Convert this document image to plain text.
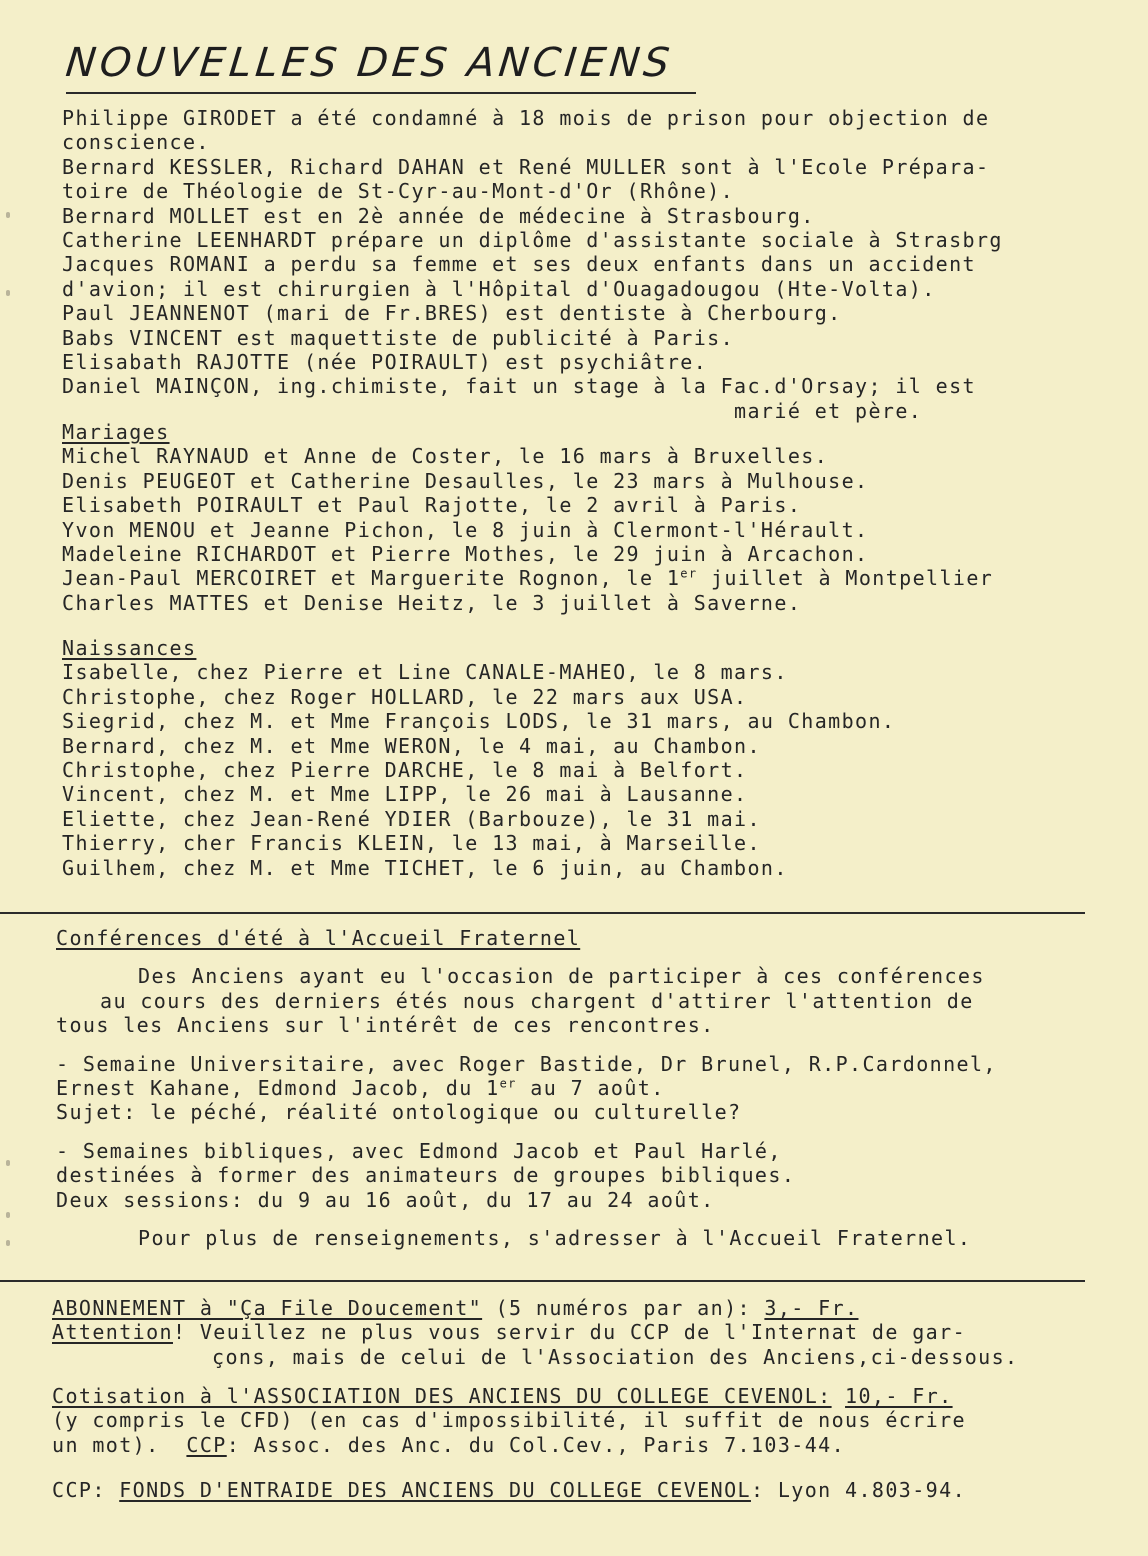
NOUVELLES DES ANCIENS
Philippe GIRODET a été condamné à 18 mois de prison pour objection de
conscience.
Bernard KESSLER, Richard DAHAN et René MULLER sont à l'Ecole Prépara-
toire de Théologie de St-Cyr-au-Mont-d'Or (Rhône).
Bernard MOLLET est en 2è année de médecine à Strasbourg.
Catherine LEENHARDT prépare un diplôme d'assistante sociale à Strasbrg
Jacques ROMANI a perdu sa femme et ses deux enfants dans un accident
d'avion; il est chirurgien à l'Hôpital d'Ouagadougou (Hte-Volta).
Paul JEANNENOT (mari de Fr.BRES) est dentiste à Cherbourg.
Babs VINCENT est maquettiste de publicité à Paris.
Elisabath RAJOTTE (née POIRAULT) est psychiâtre.
Daniel MAINÇON, ing.chimiste, fait un stage à la Fac.d'Orsay; il est
marié et père.
Mariages
Michel RAYNAUD et Anne de Coster, le 16 mars à Bruxelles.
Denis PEUGEOT et Catherine Desaulles, le 23 mars à Mulhouse.
Elisabeth POIRAULT et Paul Rajotte, le 2 avril à Paris.
Yvon MENOU et Jeanne Pichon, le 8 juin à Clermont-l'Hérault.
Madeleine RICHARDOT et Pierre Mothes, le 29 juin à Arcachon.
Jean-Paul MERCOIRET et Marguerite Rognon, le 1er juillet à Montpellier
Charles MATTES et Denise Heitz, le 3 juillet à Saverne.
Naissances
Isabelle, chez Pierre et Line CANALE-MAHEO, le 8 mars.
Christophe, chez Roger HOLLARD, le 22 mars aux USA.
Siegrid, chez M. et Mme François LODS, le 31 mars, au Chambon.
Bernard, chez M. et Mme WERON, le 4 mai, au Chambon.
Christophe, chez Pierre DARCHE, le 8 mai à Belfort.
Vincent, chez M. et Mme LIPP, le 26 mai à Lausanne.
Eliette, chez Jean-René YDIER (Barbouze), le 31 mai.
Thierry, cher Francis KLEIN, le 13 mai, à Marseille.
Guilhem, chez M. et Mme TICHET, le 6 juin, au Chambon.
Conférences d'été à l'Accueil Fraternel
Des Anciens ayant eu l'occasion de participer à ces conférences
au cours des derniers étés nous chargent d'attirer l'attention de
tous les Anciens sur l'intérêt de ces rencontres.
- Semaine Universitaire, avec Roger Bastide, Dr Brunel, R.P.Cardonnel,
Ernest Kahane, Edmond Jacob, du 1er au 7 août.
Sujet: le péché, réalité ontologique ou culturelle?
- Semaines bibliques, avec Edmond Jacob et Paul Harlé,
destinées à former des animateurs de groupes bibliques.
Deux sessions: du 9 au 16 août, du 17 au 24 août.
Pour plus de renseignements, s'adresser à l'Accueil Fraternel.
ABONNEMENT à "Ça File Doucement" (5 numéros par an): 3,- Fr.
Attention! Veuillez ne plus vous servir du CCP de l'Internat de gar-
çons, mais de celui de l'Association des Anciens,ci-dessous.
Cotisation à l'ASSOCIATION DES ANCIENS DU COLLEGE CEVENOL: 10,- Fr.
(y compris le CFD) (en cas d'impossibilité, il suffit de nous écrire
un mot).  CCP: Assoc. des Anc. du Col.Cev., Paris 7.103-44.
CCP: FONDS D'ENTRAIDE DES ANCIENS DU COLLEGE CEVENOL: Lyon 4.803-94.
